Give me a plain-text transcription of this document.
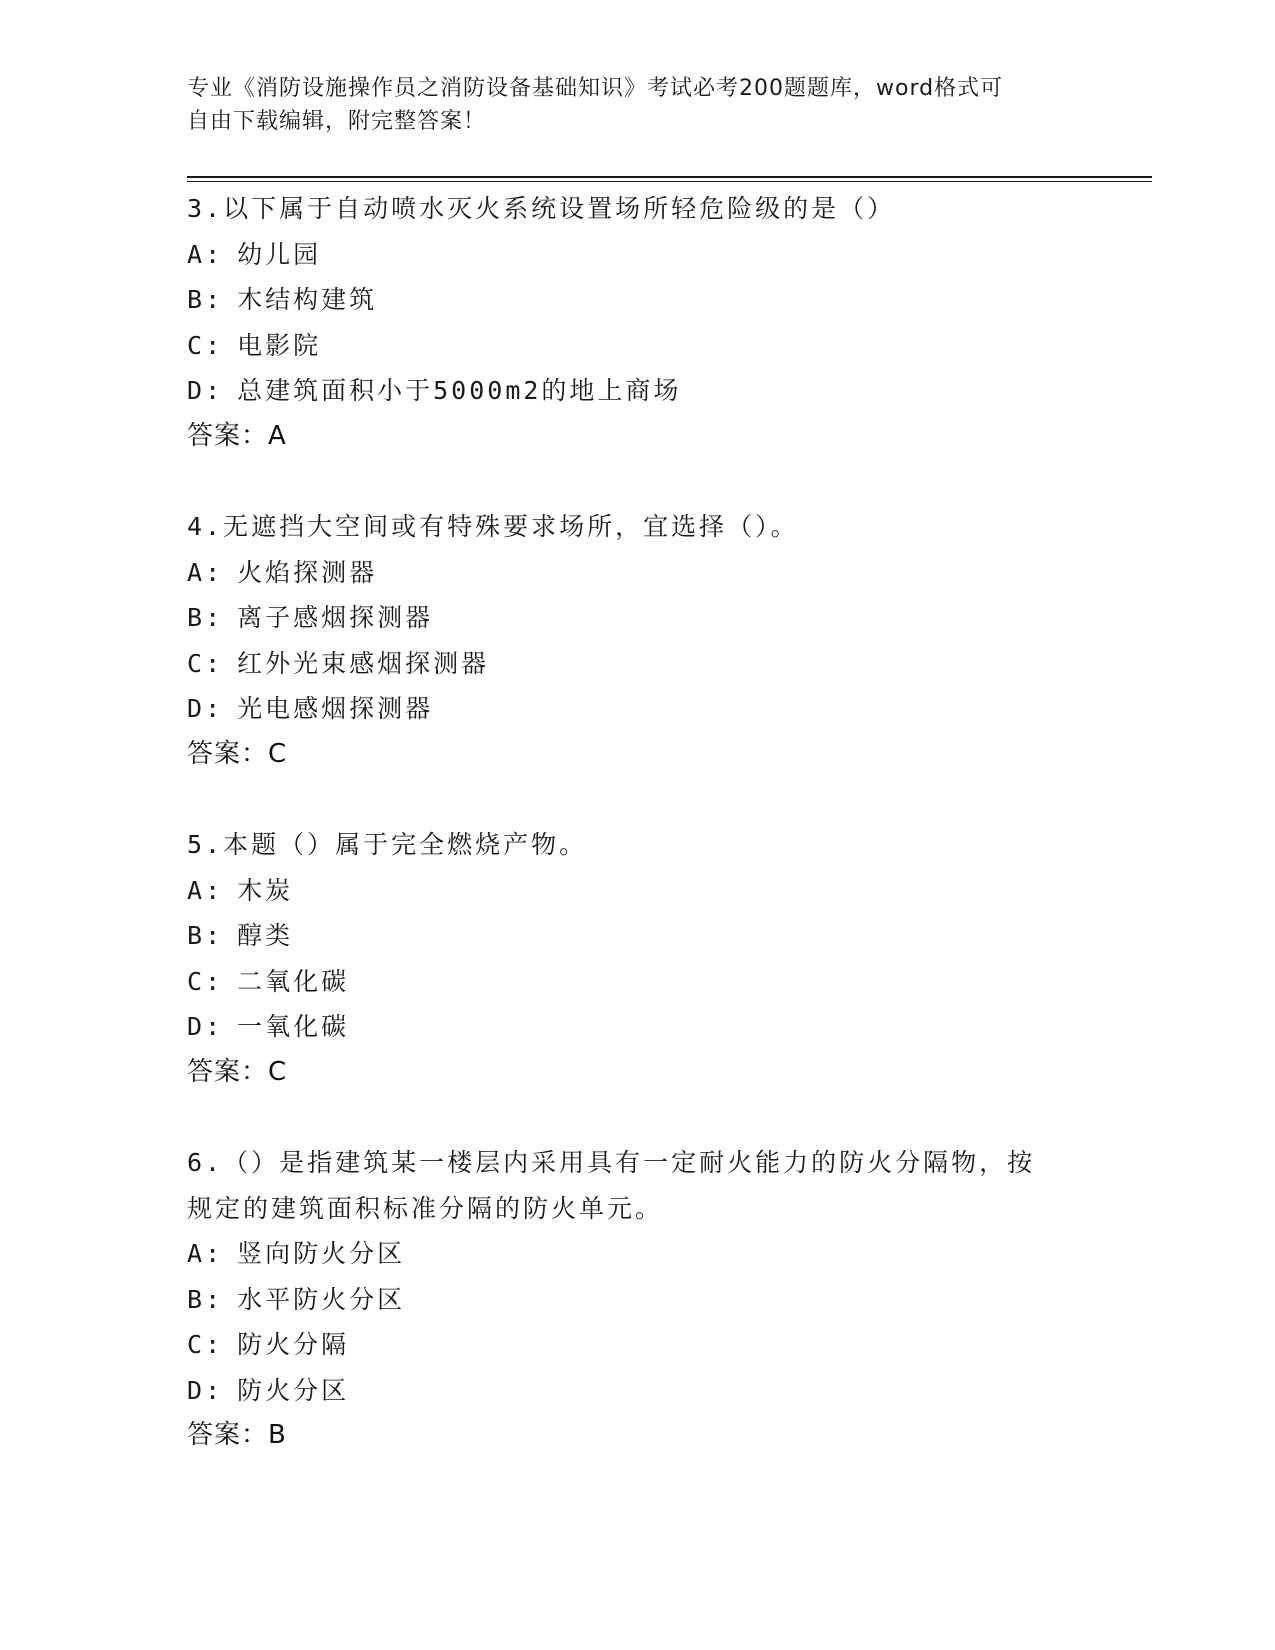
专业《消防设施操作员之消防设备基础知识》考试必考200题题库，word格式可
自由下载编辑，附完整答案！
3.以下属于自动喷水灭火系统设置场所轻危险级的是（）
A: 幼儿园
B: 木结构建筑
C: 电影院
D: 总建筑面积小于5000m2的地上商场
答案：A
4.无遮挡大空间或有特殊要求场所，宜选择（）。
A: 火焰探测器
B: 离子感烟探测器
C: 红外光束感烟探测器
D: 光电感烟探测器
答案：C
5.本题（）属于完全燃烧产物。
A: 木炭
B: 醇类
C: 二氧化碳
D: 一氧化碳
答案：C
6.（）是指建筑某一楼层内采用具有一定耐火能力的防火分隔物，按
规定的建筑面积标准分隔的防火单元。
A: 竖向防火分区
B: 水平防火分区
C: 防火分隔
D: 防火分区
答案：B
